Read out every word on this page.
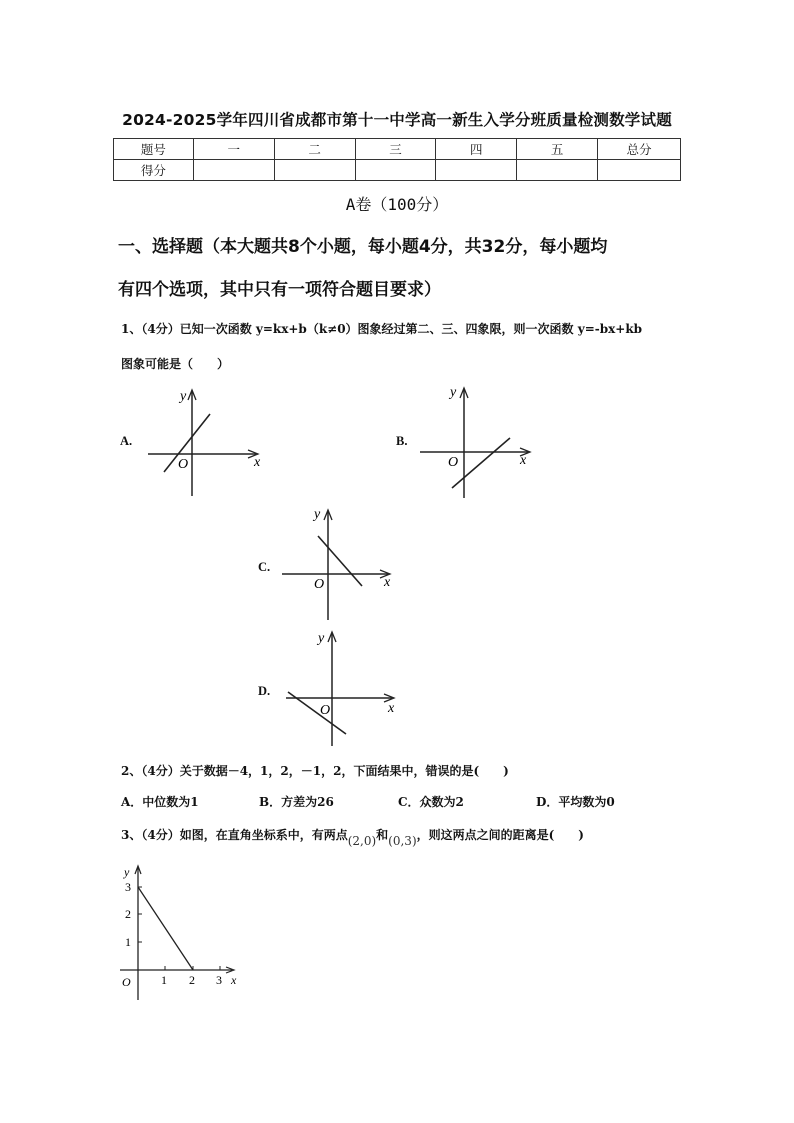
2024-2025学年四川省成都市第十一中学高一新生入学分班质量检测数学试题
题号	一	二	三	四	五	总分
得分						
A卷（100分）
一、选择题（本大题共8个小题，每小题4分，共32分，每小题均
有四个选项，其中只有一项符合题目要求）
1、（4分）已知一次函数 y=kx+b（k≠0）图象经过第二、三、四象限，则一次函数 y=-bx+kb
图象可能是（　　）
A.
x
y
O
B.
x
y
O
C.
x
y
O
D.
x
y
O
2、（4分）关于数据－4，1，2，－1，2，下面结果中，错误的是(　　)
A．中位数为1	B．方差为26	C．众数为2	D．平均数为0
3、（4分）如图，在直角坐标系中，有两点(2,0)和(0,3)，则这两点之间的距离是(　　)
1 2 3
1
2
3
x
y
O
